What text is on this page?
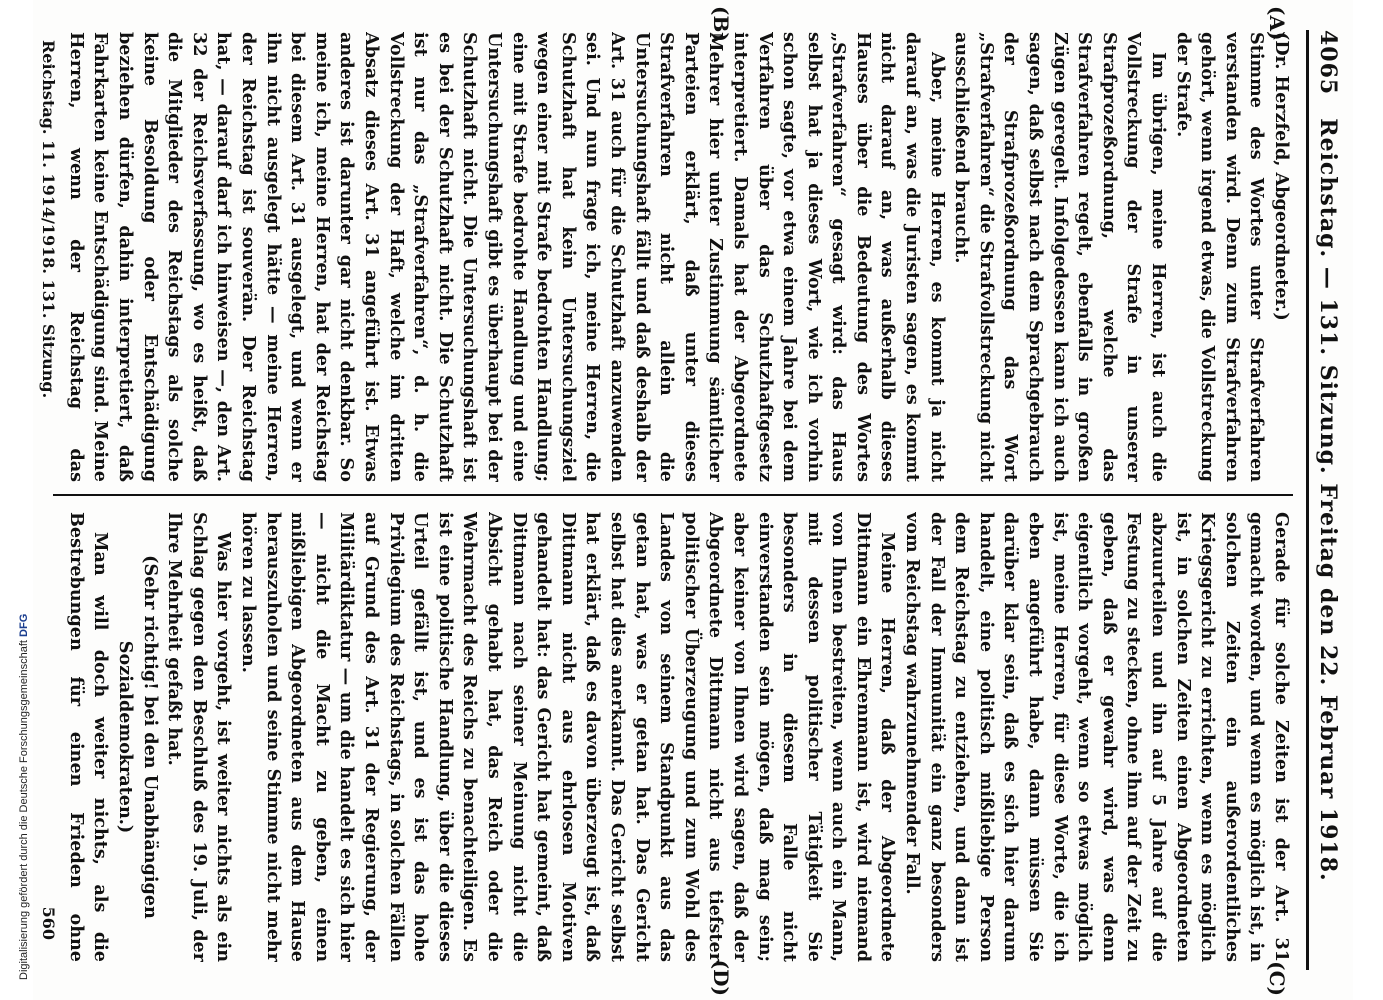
4065
Reichstag. — 131. Sitzung. Freitag den 22. Februar 1918.
(A)
(B)
(C)
(D)

(Dr. Herzfeld, Abgeordneter.)

Stimme des Wortes unter Strafverfahren verstanden wird. Denn zum Strafverfahren gehört, wenn irgend etwas, die Vollstreckung der Strafe.

Im übrigen, meine Herren, ist auch die Vollstreckung der Strafe in unserer Strafprozeßordnung, welche das Strafverfahren regelt, ebenfalls in großen Zügen geregelt. Infolgedessen kann ich auch sagen, daß selbst nach dem Sprachgebrauch der Strafprozeßordnung das Wort „Strafverfahren“ die Strafvollstreckung nicht ausschließend braucht.

Aber, meine Herren, es kommt ja nicht darauf an, was die Juristen sagen, es kommt nicht darauf an, was außerhalb dieses Hauses über die Bedeutung des Wortes „Strafverfahren“ gesagt wird: das Haus selbst hat ja dieses Wort, wie ich vorhin schon sagte, vor etwa einem Jahre bei dem Verfahren über das Schutzhaftgesetz interpretiert. Damals hat der Abgeordnete Mehrer hier unter Zustimmung sämtlicher Parteien erklärt, daß unter dieses Strafverfahren nicht allein die Untersuchungshaft fällt und daß deshalb der Art. 31 auch für die Schutzhaft anzuwenden sei. Und nun frage ich, meine Herren, die Schutzhaft hat kein Untersuchungsziel wegen einer mit Strafe bedrohten Handlung; eine mit Strafe bedrohte Handlung und eine Untersuchungshaft gibt es überhaupt bei der Schutzhaft nicht. Die Untersuchungshaft ist es bei der Schutzhaft nicht. Die Schutzhaft ist nur das „Strafverfahren“, d. h. die Vollstreckung der Haft, welche im dritten Absatz dieses Art. 31 angeführt ist. Etwas anderes ist darunter gar nicht denkbar. So meine ich, meine Herren, hat der Reichstag bei diesem Art. 31 ausgelegt, und wenn er ihn nicht ausgelegt hätte — meine Herren, der Reichstag ist souverän. Der Reichstag hat, — darauf darf ich hinweisen —, den Art. 32 der Reichsverfassung, wo es heißt, daß die Mitglieder des Reichstags als solche keine Besoldung oder Entschädigung beziehen dürfen, dahin interpretiert, daß Fahrkarten keine Entschädigung sind. Meine Herren, wenn der Reichstag das

Gerade für solche Zeiten ist der Art. 31 gemacht worden, und wenn es möglich ist, in solchen Zeiten ein außerordentliches Kriegsgericht zu errichten, wenn es möglich ist, in solchen Zeiten einen Abgeordneten abzuurteilen und ihn auf 5 Jahre auf die Festung zu stecken, ohne ihm auf der Zeit zu geben, daß er gewahr wird, was denn eigentlich vorgeht, wenn so etwas möglich ist, meine Herren, für diese Worte, die ich eben angeführt habe, dann müssen Sie darüber klar sein, daß es sich hier darum handelt, eine politisch mißliebige Person dem Reichstag zu entziehen, und dann ist der Fall der Immunität ein ganz besonders vom Reichstag wahrzunehmender Fall.

Meine Herren, daß der Abgeordnete Dittmann ein Ehrenmann ist, wird niemand von Ihnen bestreiten, wenn auch ein Mann, mit dessen politischer Tätigkeit Sie besonders in diesem Falle nicht einverstanden sein mögen, daß mag sein; aber keiner von Ihnen wird sagen, daß der Abgeordnete Dittmann nicht aus tiefster politischer Überzeugung und zum Wohl des Landes von seinem Standpunkt aus das getan hat, was er getan hat. Das Gericht selbst hat dies anerkannt. Das Gericht selbst hat erklärt, daß es davon überzeugt ist, daß Dittmann nicht aus ehrlosen Motiven gehandelt hat: das Gericht hat gemeint, daß Dittmann nach seiner Meinung nicht die Absicht gehabt hat, das Reich oder die Wehrmacht des Reichs zu benachteiligen. Es ist eine politische Handlung, über die dieses Urteil gefällt ist, und es ist das hohe Privilegium des Reichstags, in solchen Fällen auf Grund des Art. 31 der Regierung, der Militärdiktatur — um die handelt es sich hier — nicht die Macht zu geben, einen mißliebigen Abgeordneten aus dem Hause herauszuholen und seine Stimme nicht mehr hören zu lassen.

Was hier vorgeht, ist weiter nichts als ein Schlag gegen den Beschluß des 19. Juli, der Ihre Mehrheit gefaßt hat.

(Sehr richtig! bei den Unabhängigen Sozialdemokraten.)

Man will doch weiter nichts, als die Bestrebungen für einen Frieden ohne

Reichstag. 11. 1914/1918. 131. Sitzung.
560
Digitalisierung gefördert durch die Deutsche Forschungsgemeinschaft DFG
